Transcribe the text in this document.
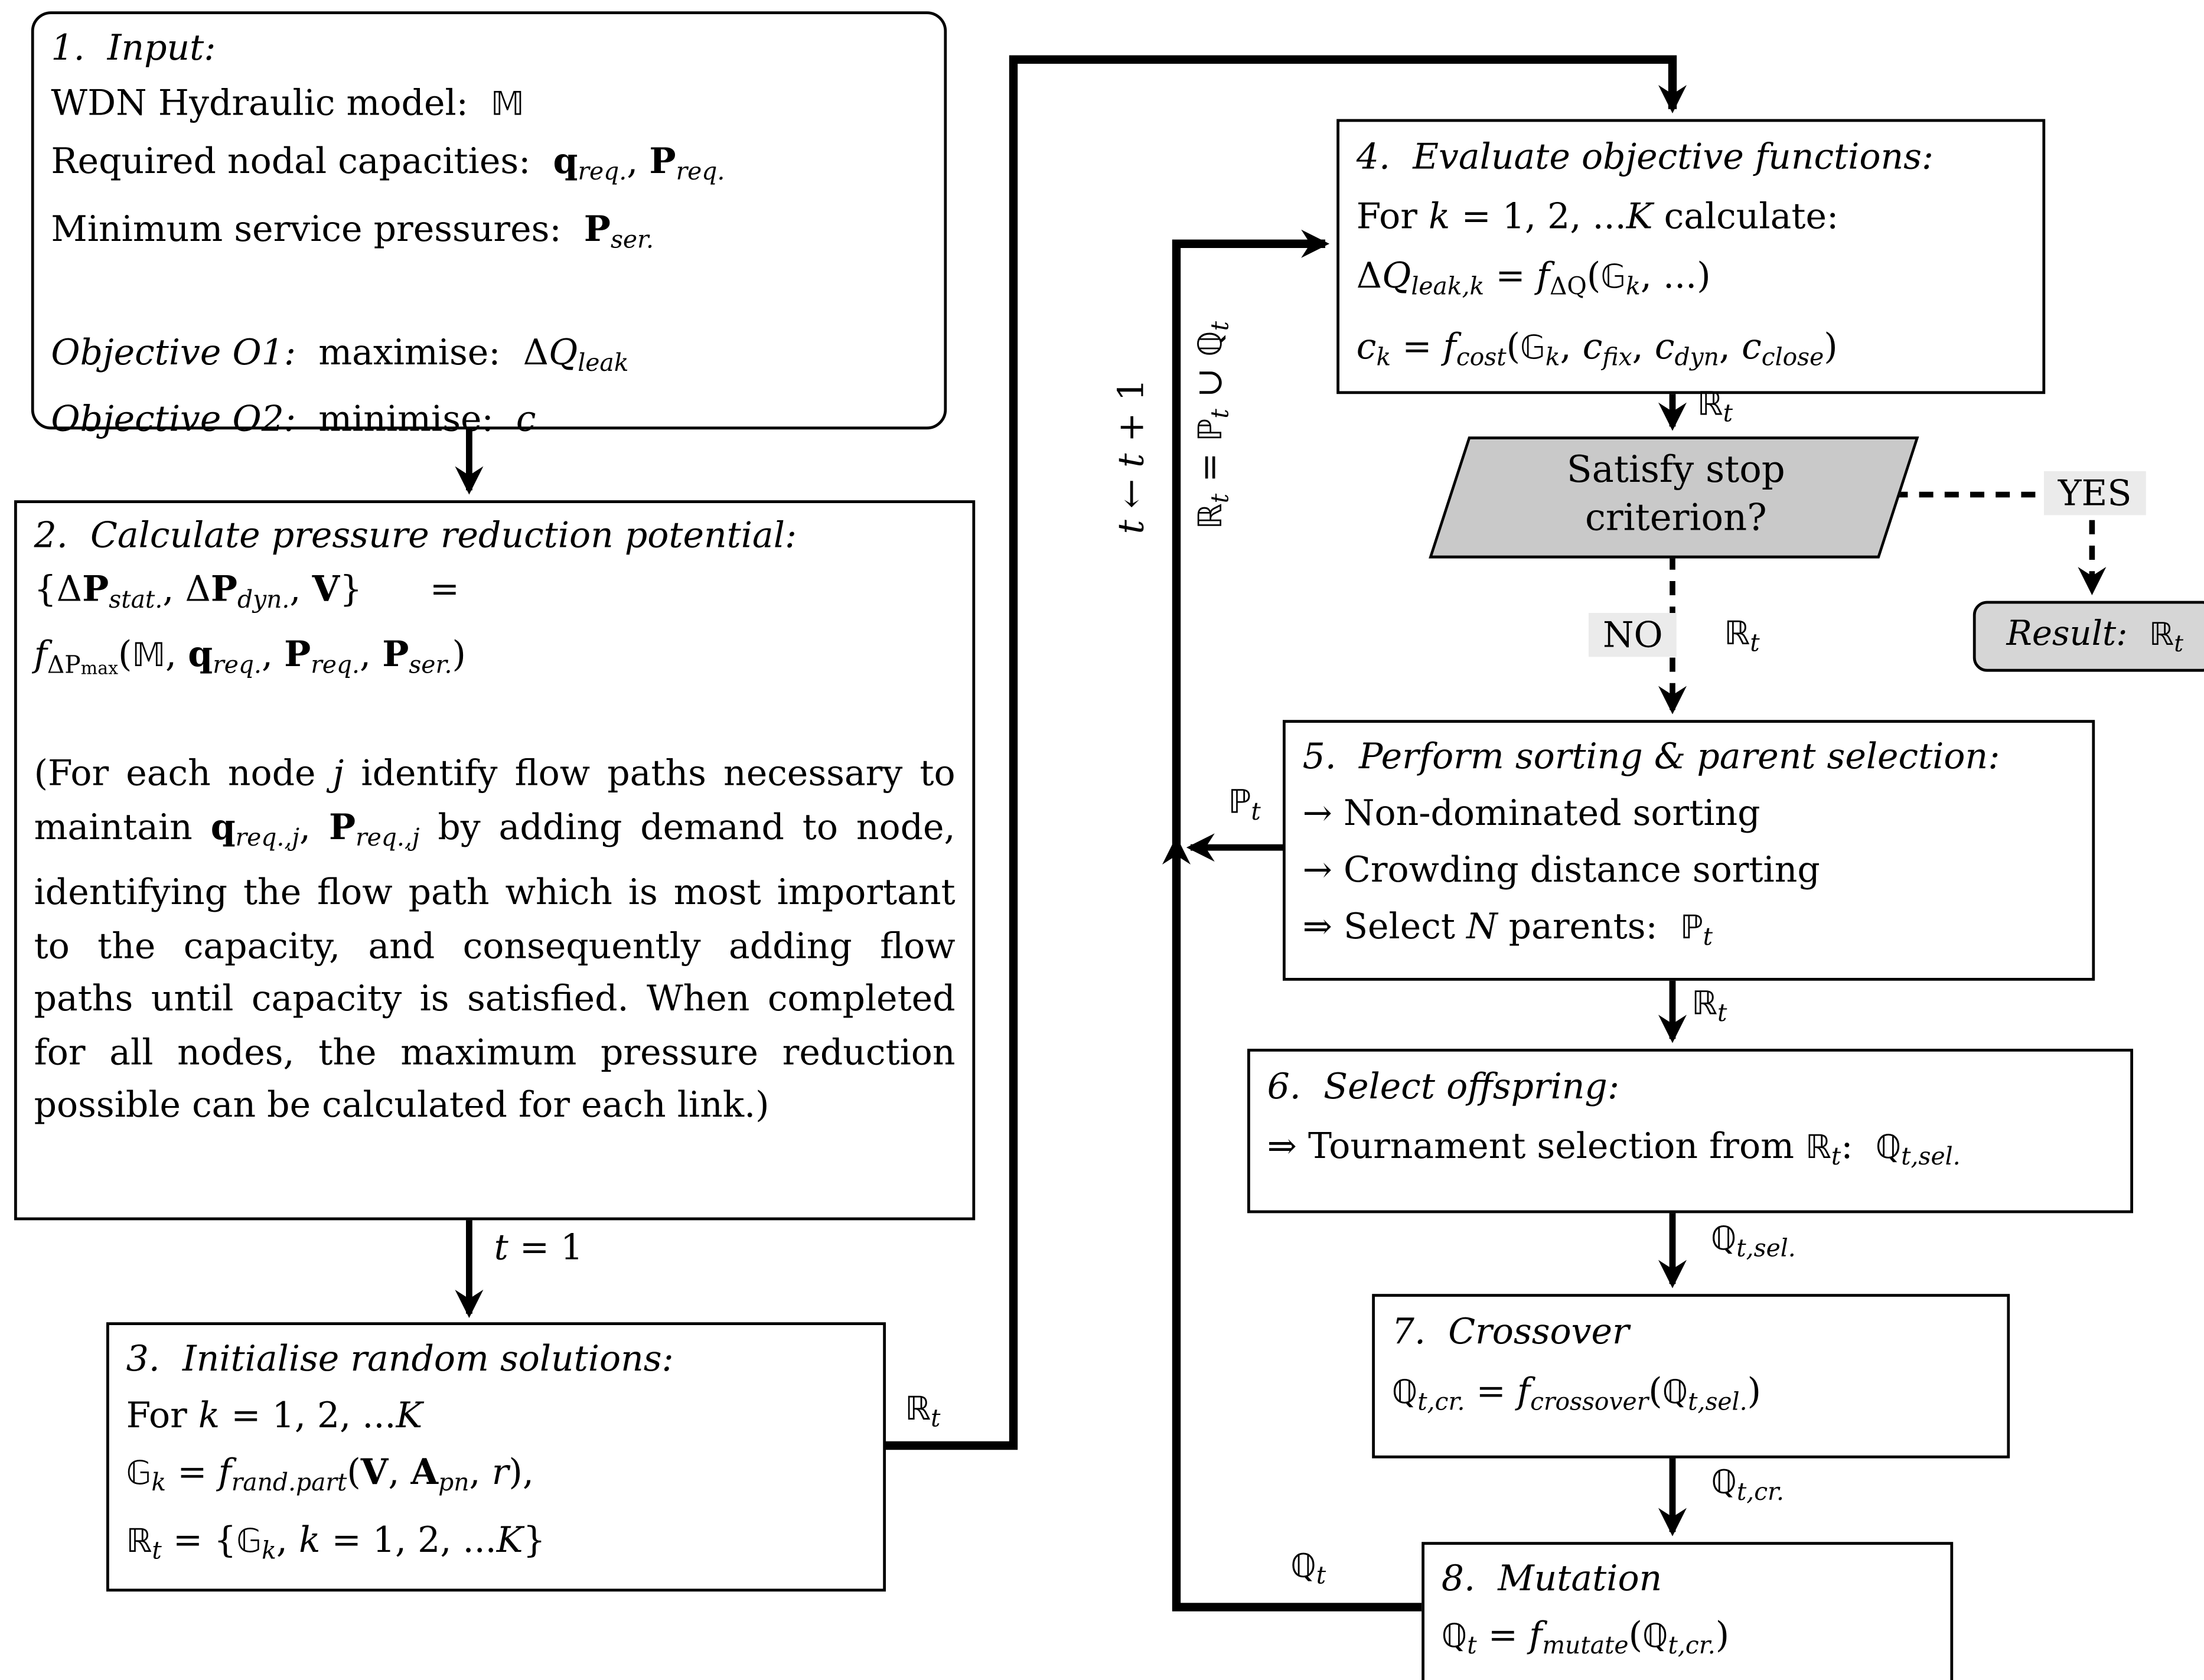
1.  Input:
WDN Hydraulic model:  𝕄
Required nodal capacities:  qreq., Preq.
Minimum service pressures:  Pser.

Objective O1:  maximise:  ΔQleak
Objective O2:  minimise:  c
2.  Calculate pressure reduction potential:
{ΔPstat., ΔPdyn., V}      =
fΔP$_{max}$(𝕄, qreq., Preq., Pser.)

(For each node j identify flow paths necessary to maintain qreq.,j, Preq.,j by adding demand to node, identifying the flow path which is most important to the capacity, and consequently adding flow paths until capacity is satisfied. When completed for all nodes, the maximum pressure reduction possible can be calculated for each link.)
3.  Initialise random solutions:
For k = 1, 2, ...K
𝔾k = frand.part(V, Apn, r),
ℝt = {𝔾k, k = 1, 2, ...K}
4.  Evaluate objective functions:
For k = 1, 2, ...K calculate:
ΔQleak,k = fΔQ(𝔾k, ...)
ck = fcost(𝔾k, cfix, cdyn, cclose)
Satisfy stop
criterion?
Result:  ℝt
5.  Perform sorting & parent selection:
→ Non-dominated sorting
→ Crowding distance sorting
⇒ Select N parents:  ℙt
6.  Select offspring:
⇒ Tournament selection from ℝt:  ℚt,sel.
7.  Crossover
ℚt,cr. = fcrossover(ℚt,sel.)
8.  Mutation
ℚt = fmutate(ℚt,cr.)
YES
NO
t = 1
ℝt
ℝt
ℝt
ℝt
ℚt,sel.
ℚt,cr.
ℚt
ℙt
t ← t + 1
ℝt = ℙt ∪ ℚt
